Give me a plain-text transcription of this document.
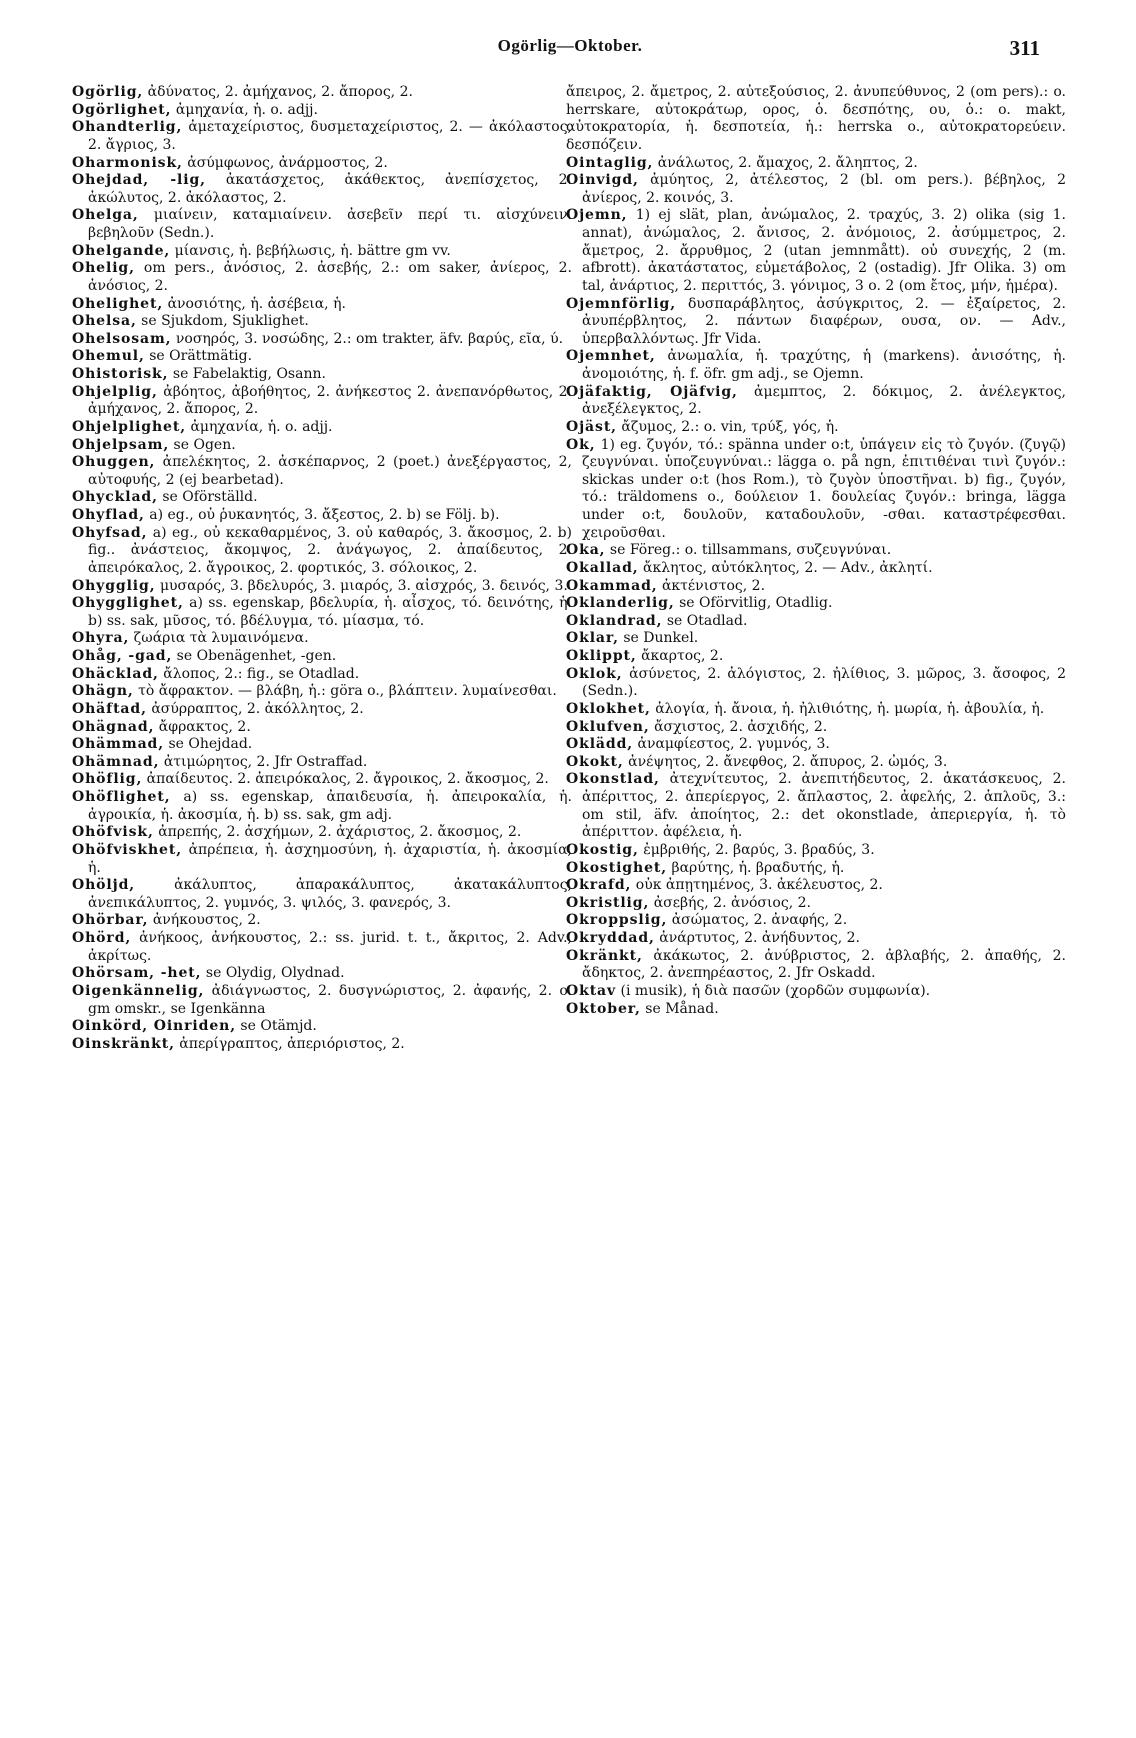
Ogörlig—Oktober.	311

Ogörlig, ἀδύνατος, 2. ἀμήχανος, 2. ἄπορος, 2.

Ogörlighet, ἀμηχανία, ἡ. o. adjj.

Ohandterlig, ἀμεταχείριστος, δυσμεταχείριστος, 2. — ἀκόλαστος, 2. ἄγριος, 3.

Oharmonisk, ἀσύμφωνος, ἀνάρμοστος, 2.

Ohejdad, -lig, ἀκατάσχετος, ἀκάθεκτος, ἀνεπίσχετος, 2. ἀκώλυτος, 2. ἀκόλαστος, 2.

Ohelga, μιαίνειν, καταμιαίνειν. ἀσεβεῖν περί τι. αἰσχύνειν. βεβηλοῦν (Sedn.).

Ohelgande, μίανσις, ἡ. βεβήλωσις, ἡ. bättre gm vv.

Ohelig, om pers., ἀνόσιος, 2. ἀσεβής, 2.: om saker, ἀνίερος, 2. ἀνόσιος, 2.

Ohelighet, ἀνοσιότης, ἡ. ἀσέβεια, ἡ.

Ohelsa, se Sjukdom, Sjuklighet.

Ohelsosam, νοσηρός, 3. νοσώδης, 2.: om trakter, äfv. βαρύς, εῖα, ύ.

Ohemul, se Orättmätig.

Ohistorisk, se Fabelaktig, Osann.

Ohjelplig, ἀβόητος, ἀβοήθητος, 2. ἀνήκεστος 2. ἀνεπανόρθωτος, 2. ἀμήχανος, 2. ἄπορος, 2.

Ohjelplighet, ἀμηχανία, ἡ. o. adjj.

Ohjelpsam, se Ogen.

Ohuggen, ἀπελέκητος, 2. ἀσκέπαρνος, 2 (poet.) ἀνεξέργαστος, 2, αὐτοφυής, 2 (ej bearbetad).

Ohycklad, se Oförställd.

Ohyflad, a) eg., οὐ ῥυκανητός, 3. ἄξεστος, 2. b) se Följ. b).

Ohyfsad, a) eg., οὐ κεκαθαρμένος, 3. οὐ καθαρός, 3. ἄκοσμος, 2. b) fig.. ἀνάστειος, ἄκομψος, 2. ἀνάγωγος, 2. ἀπαίδευτος, 2. ἀπειρόκαλος, 2. ἄγροικος, 2. φορτικός, 3. σόλοικος, 2.

Ohygglig, μυσαρός, 3. βδελυρός, 3. μιαρός, 3. αἰσχρός, 3. δεινός, 3.

Ohygglighet, a) ss. egenskap, βδελυρία, ἡ. αἶσχος, τό. δεινότης, ἡ. b) ss. sak, μῦσος, τό. βδέλυγμα, τό. μίασμα, τό.

Ohyra, ζωάρια τὰ λυμαινόμενα.

Ohåg, -gad, se Obenägenhet, -gen.

Ohäcklad, ἄλοπος, 2.: fig., se Otadlad.

Ohägn, τὸ ἄφρακτον. — βλάβη, ἡ.: göra o., βλάπτειν. λυμαίνεσθαι.

Ohäftad, ἀσύρραπτος, 2. ἀκόλλητος, 2.

Ohägnad, ἄφρακτος, 2.

Ohämmad, se Ohejdad.

Ohämnad, ἀτιμώρητος, 2. Jfr Ostraffad.

Ohöflig, ἀπαίδευτος. 2. ἀπειρόκαλος, 2. ἄγροικος, 2. ἄκοσμος, 2.

Ohöflighet, a) ss. egenskap, ἀπαιδευσία, ἡ. ἀπειροκαλία, ἡ. ἀγροικία, ἡ. ἀκοσμία, ἡ. b) ss. sak, gm adj.

Ohöfvisk, ἀπρεπής, 2. ἀσχήμων, 2. ἀχάριστος, 2. ἄκοσμος, 2.

Ohöfviskhet, ἀπρέπεια, ἡ. ἀσχημοσύνη, ἡ. ἀχαριστία, ἡ. ἀκοσμία, ἡ.

Ohöljd, ἀκάλυπτος, ἀπαρακάλυπτος, ἀκατακάλυπτος, ἀνεπικάλυπτος, 2. γυμνός, 3. ψιλός, 3. φανερός, 3.

Ohörbar, ἀνήκουστος, 2.

Ohörd, ἀνήκοος, ἀνήκουστος, 2.: ss. jurid. t. t., ἄκριτος, 2. Adv., ἀκρίτως.

Ohörsam, -het, se Olydig, Olydnad.

Oigenkännelig, ἀδιάγνωστος, 2. δυσγνώριστος, 2. ἀφανής, 2. o. gm omskr., se Igenkänna

Oinkörd, Oinriden, se Otämjd.

Oinskränkt, ἀπερίγραπτος, ἀπεριόριστος, 2.

ἄπειρος, 2. ἄμετρος, 2. αὐτεξούσιος, 2. ἀνυπεύθυνος, 2 (om pers).: o. herrskare, αὐτοκράτωρ, ορος, ὁ. δεσπότης, ου, ὁ.: o. makt, αὐτοκρατορία, ἡ. δεσποτεία, ἡ.: herrska o., αὐτοκρατορεύειν. δεσπόζειν.

Ointaglig, ἀνάλωτος, 2. ἄμαχος, 2. ἄληπτος, 2.

Oinvigd, ἀμύητος, 2, ἀτέλεστος, 2 (bl. om pers.). βέβηλος, 2 ἀνίερος, 2. κοινός, 3.

Ojemn, 1) ej slät, plan, ἀνώμαλος, 2. τραχύς, 3. 2) olika (sig 1. annat), ἀνώμαλος, 2. ἄνισος, 2. ἀνόμοιος, 2. ἀσύμμετρος, 2. ἄμετρος, 2. ἄρρυθμος, 2 (utan jemnmått). οὐ συνεχής, 2 (m. afbrott). ἀκατάστατος, εὐμετάβολος, 2 (ostadig). Jfr Olika. 3) om tal, ἀνάρτιος, 2. περιττός, 3. γόνιμος, 3 o. 2 (om ἔτος, μήν, ἡμέρα).

Ojemnförlig, δυσπαράβλητος, ἀσύγκριτος, 2. — ἐξαίρετος, 2. ἀνυπέρβλητος, 2. πάντων διαφέρων, ουσα, ον. — Adv., ὑπερβαλλόντως. Jfr Vida.

Ojemnhet, ἀνωμαλία, ἡ. τραχύτης, ἡ (markens). ἀνισότης, ἡ. ἀνομοιότης, ἡ. f. öfr. gm adj., se Ojemn.

Ojäfaktig, Ojäfvig, ἀμεμπτος, 2. δόκιμος, 2. ἀνέλεγκτος, ἀνεξέλεγκτος, 2.

Ojäst, ἄζυμος, 2.: o. vin, τρύξ, γός, ἡ.

Ok, 1) eg. ζυγόν, τό.: spänna under o:t, ὑπάγειν εἰς τὸ ζυγόν. (ζυγῷ) ζευγνύναι. ὑποζευγνύναι.: lägga o. på ngn, ἐπιτιθέναι τινὶ ζυγόν.: skickas under o:t (hos Rom.), τὸ ζυγὸν ὑποστῆναι. b) fig., ζυγόν, τό.: träldomens o., δούλειον 1. δουλείας ζυγόν.: bringa, lägga under o:t, δουλοῦν, καταδουλοῦν, -σθαι. καταστρέφεσθαι. χειροῦσθαι.

Oka, se Föreg.: o. tillsammans, συζευγνύναι.

Okallad, ἄκλητος, αὐτόκλητος, 2. — Adv., ἀκλητί.

Okammad, ἀκτένιστος, 2.

Oklanderlig, se Oförvitlig, Otadlig.

Oklandrad, se Otadlad.

Oklar, se Dunkel.

Oklippt, ἄκαρτος, 2.

Oklok, ἀσύνετος, 2. ἀλόγιστος, 2. ἠλίθιος, 3. μῶρος, 3. ἄσοφος, 2 (Sedn.).

Oklokhet, ἀλογία, ἡ. ἄνοια, ἡ. ἠλιθιότης, ἡ. μωρία, ἡ. ἀβουλία, ἡ.

Oklufven, ἄσχιστος, 2. ἀσχιδής, 2.

Oklädd, ἀναμφίεστος, 2. γυμνός, 3.

Okokt, ἀνέψητος, 2. ἄνεφθος, 2. ἄπυρος, 2. ὠμός, 3.

Okonstlad, ἀτεχνίτευτος, 2. ἀνεπιτήδευτος, 2. ἀκατάσκευος, 2. ἀπέριττος, 2. ἀπερίεργος, 2. ἄπλαστος, 2. ἀφελής, 2. ἁπλοῦς, 3.: om stil, äfv. ἀποίητος, 2.: det okonstlade, ἀπεριεργία, ἡ. τὸ ἀπέριττον. ἀφέλεια, ἡ.

Okostig, ἐμβριθής, 2. βαρύς, 3. βραδύς, 3.

Okostighet, βαρύτης, ἡ. βραδυτής, ἡ.

Okrafd, οὐκ ἀπῃτημένος, 3. ἀκέλευστος, 2.

Okristlig, ἀσεβής, 2. ἀνόσιος, 2.

Okroppslig, ἀσώματος, 2. ἀναφής, 2.

Okryddad, ἀνάρτυτος, 2. ἀνήδυντος, 2.

Okränkt, ἀκάκωτος, 2. ἀνύβριστος, 2. ἀβλαβής, 2. ἀπαθής, 2. ἄδηκτος, 2. ἀνεπηρέαστος, 2. Jfr Oskadd.

Oktav (i musik), ἡ διὰ πασῶν (χορδῶν συμφωνία).

Oktober, se Månad.
